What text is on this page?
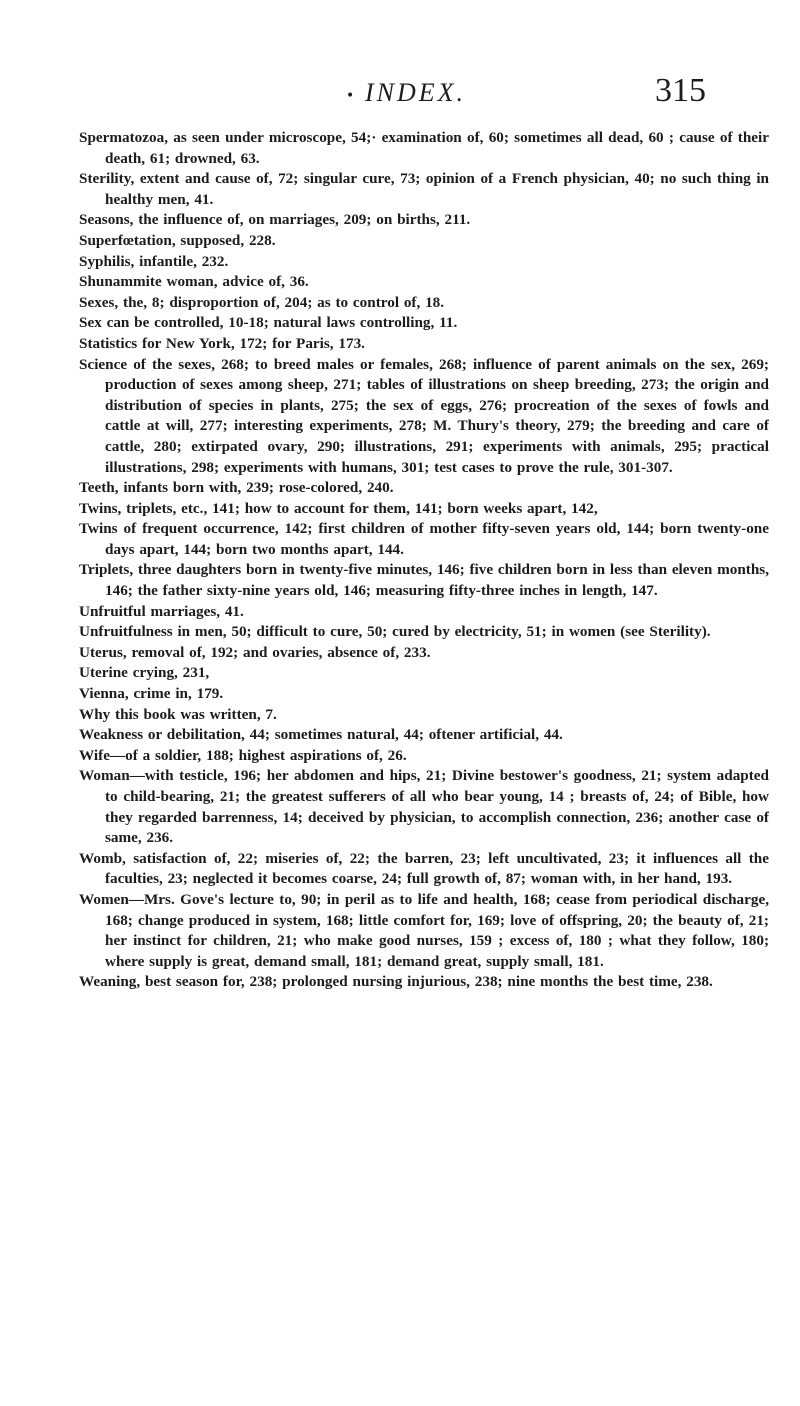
• INDEX.	315

Spermatozoa, as seen under microscope, 54;· examination of, 60; sometimes all dead, 60 ; cause of their death, 61; drowned, 63.

Sterility, extent and cause of, 72; singular cure, 73; opinion of a French physician, 40; no such thing in healthy men, 41.

Seasons, the influence of, on marriages, 209; on births, 211.

Superfœtation, supposed, 228.

Syphilis, infantile, 232.

Shunammite woman, advice of, 36.

Sexes, the, 8; disproportion of, 204; as to control of, 18.

Sex can be controlled, 10-18; natural laws controlling, 11.

Statistics for New York, 172; for Paris, 173.

Science of the sexes, 268; to breed males or females, 268; influence of parent animals on the sex, 269; production of sexes among sheep, 271; tables of illustrations on sheep breeding, 273; the origin and distribution of species in plants, 275; the sex of eggs, 276; procreation of the sexes of fowls and cattle at will, 277; interesting experiments, 278; M. Thury's theory, 279; the breeding and care of cattle, 280; extirpated ovary, 290; illustrations, 291; experiments with animals, 295; practical illustrations, 298; experiments with humans, 301; test cases to prove the rule, 301-307.

Teeth, infants born with, 239; rose-colored, 240.

Twins, triplets, etc., 141; how to account for them, 141; born weeks apart, 142,

Twins of frequent occurrence, 142; first children of mother fifty-seven years old, 144; born twenty-one days apart, 144; born two months apart, 144.

Triplets, three daughters born in twenty-five minutes, 146; five children born in less than eleven months, 146; the father sixty-nine years old, 146; measuring fifty-three inches in length, 147.

Unfruitful marriages, 41.

Unfruitfulness in men, 50; difficult to cure, 50; cured by electricity, 51; in women (see Sterility).

Uterus, removal of, 192; and ovaries, absence of, 233.

Uterine crying, 231,

Vienna, crime in, 179.

Why this book was written, 7.

Weakness or debilitation, 44; sometimes natural, 44; oftener artificial, 44.

Wife—of a soldier, 188; highest aspirations of, 26.

Woman—with testicle, 196; her abdomen and hips, 21; Divine bestower's goodness, 21; system adapted to child-bearing, 21; the greatest sufferers of all who bear young, 14 ; breasts of, 24; of Bible, how they regarded barrenness, 14; deceived by physician, to accomplish connection, 236; another case of same, 236.

Womb, satisfaction of, 22; miseries of, 22; the barren, 23; left uncultivated, 23; it influences all the faculties, 23; neglected it becomes coarse, 24; full growth of, 87; woman with, in her hand, 193.

Women—Mrs. Gove's lecture to, 90; in peril as to life and health, 168; cease from periodical discharge, 168; change produced in system, 168; little comfort for, 169; love of offspring, 20; the beauty of, 21; her instinct for children, 21; who make good nurses, 159 ; excess of, 180 ; what they follow, 180; where supply is great, demand small, 181; demand great, supply small, 181.

Weaning, best season for, 238; prolonged nursing injurious, 238; nine months the best time, 238.
